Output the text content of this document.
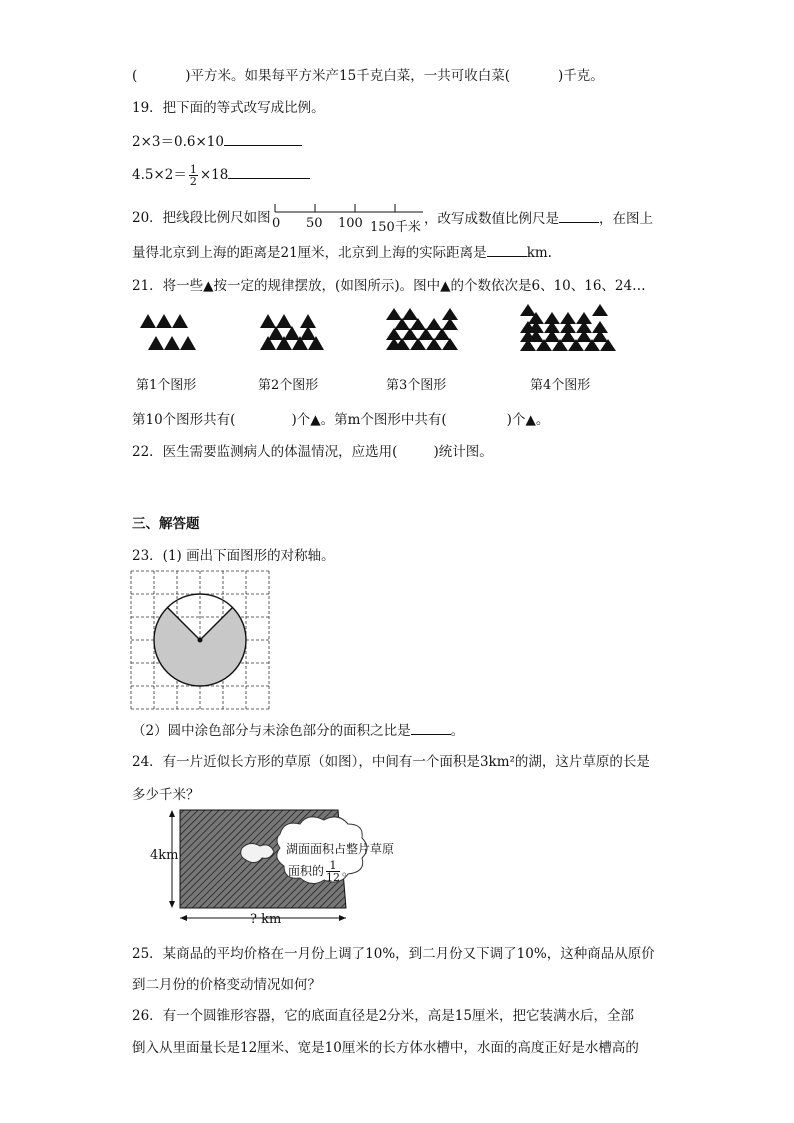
(	)平方米。如果每平方米产15千克白菜，一共可收白菜(	)千克。
19．把下面的等式改写成比例。
2×3＝0.6×10
$4.5\times 2= \frac{1}{2} \times 18$
20．把线段比例尺如图 0 50 100 150千米
，改写成数值比例尺是	，在图上
量得北京到上海的距离是21厘米，北京到上海的实际距离是	km.
21．将一些▲按一定的规律摆放，(如图所示)。图中▲的个数依次是6、10、16、24…
第1个图形	第2个图形	第3个图形	第4个图形
第10个图形共有(	)个▲。第m个图形中共有(	)个▲。
22．医生需要监测病人的体温情况，应选用(	)统计图。
三、解答题
23．(1) 画出下面图形的对称轴。
（2）圆中涂色部分与未涂色部分的面积之比是	。
24．有一片近似长方形的草原（如图），中间有一个面积是3km²的湖，这片草原的长是
多少千米？
4km
? km
湖面面积占整片草原
面积的 $\frac{1}{12}$ 。
25．某商品的平均价格在一月份上调了10%，到二月份又下调了10%，这种商品从原价
到二月份的价格变动情况如何？
26．有一个圆锥形容器，它的底面直径是2分米，高是15厘米，把它装满水后，全部
倒入从里面量长是12厘米、宽是10厘米的长方体水槽中，水面的高度正好是水槽高的
